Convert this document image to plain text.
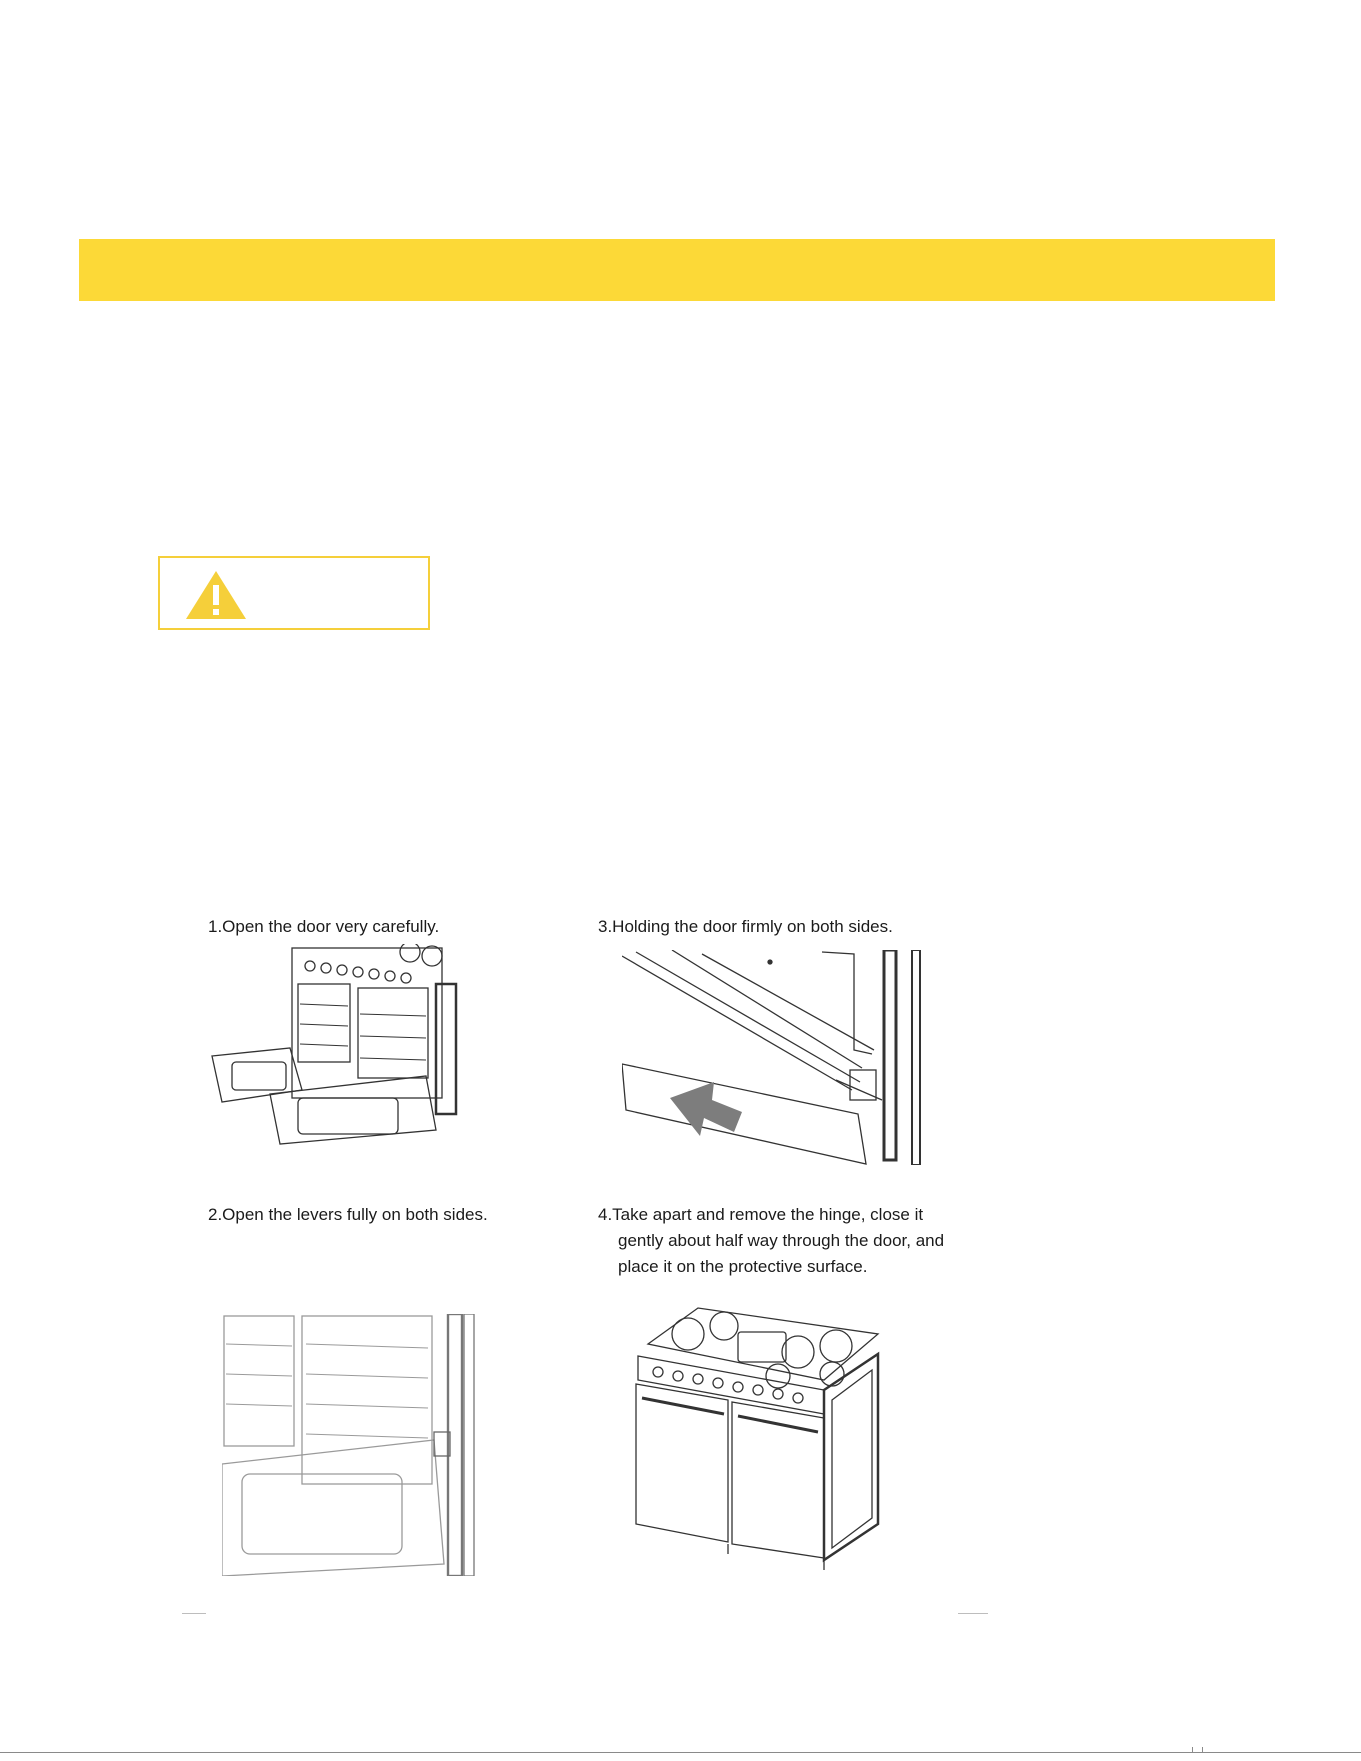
1.Open the door very carefully.	3.Holding the door firmly on both sides.

2.Open the levers fully on both sides.	4.Take apart and remove the hinge, close it

gently about half way through the door, and

place it on the protective surface.
